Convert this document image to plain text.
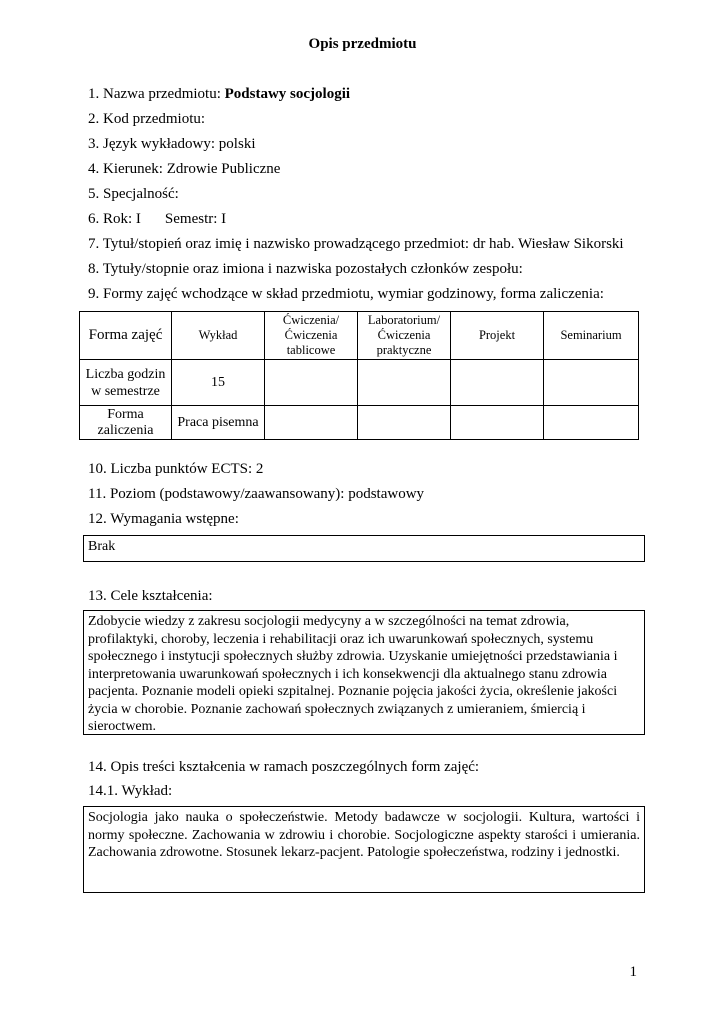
Opis przedmiotu
1. Nazwa przedmiotu: Podstawy socjologii
2. Kod przedmiotu:
3. Język wykładowy: polski
4. Kierunek: Zdrowie Publiczne
5. Specjalność:
6. Rok: I Semestr: I
7. Tytuł/stopień oraz imię i nazwisko prowadzącego przedmiot: dr hab. Wiesław Sikorski
8. Tytuły/stopnie oraz imiona i nazwiska pozostałych członków zespołu:
9. Formy zajęć wchodzące w skład przedmiotu, wymiar godzinowy, forma zaliczenia:
Forma zajęć	Wykład	Ćwiczenia/ Ćwiczenia tablicowe	Laboratorium/ Ćwiczenia praktyczne	Projekt	Seminarium
Liczba godzin w semestrze	15				
Forma zaliczenia	Praca pisemna				
10. Liczba punktów ECTS: 2
11. Poziom (podstawowy/zaawansowany): podstawowy
12. Wymagania wstępne:
Brak
13. Cele kształcenia:
Zdobycie wiedzy z zakresu socjologii medycyny a w szczególności na temat zdrowia, profilaktyki, choroby, leczenia i rehabilitacji oraz ich uwarunkowań społecznych, systemu społecznego i instytucji społecznych służby zdrowia. Uzyskanie umiejętności przedstawiania i interpretowania uwarunkowań społecznych i ich konsekwencji dla aktualnego stanu zdrowia pacjenta. Poznanie modeli opieki szpitalnej. Poznanie pojęcia jakości życia, określenie jakości życia w chorobie. Poznanie zachowań społecznych związanych z umieraniem, śmiercią i sieroctwem.
14. Opis treści kształcenia w ramach poszczególnych form zajęć:
14.1. Wykład:
Socjologia jako nauka o społeczeństwie. Metody badawcze w socjologii. Kultura, wartości i normy społeczne. Zachowania w zdrowiu i chorobie. Socjologiczne aspekty starości i umierania. Zachowania zdrowotne. Stosunek lekarz-pacjent. Patologie społeczeństwa, rodziny i jednostki.
1
